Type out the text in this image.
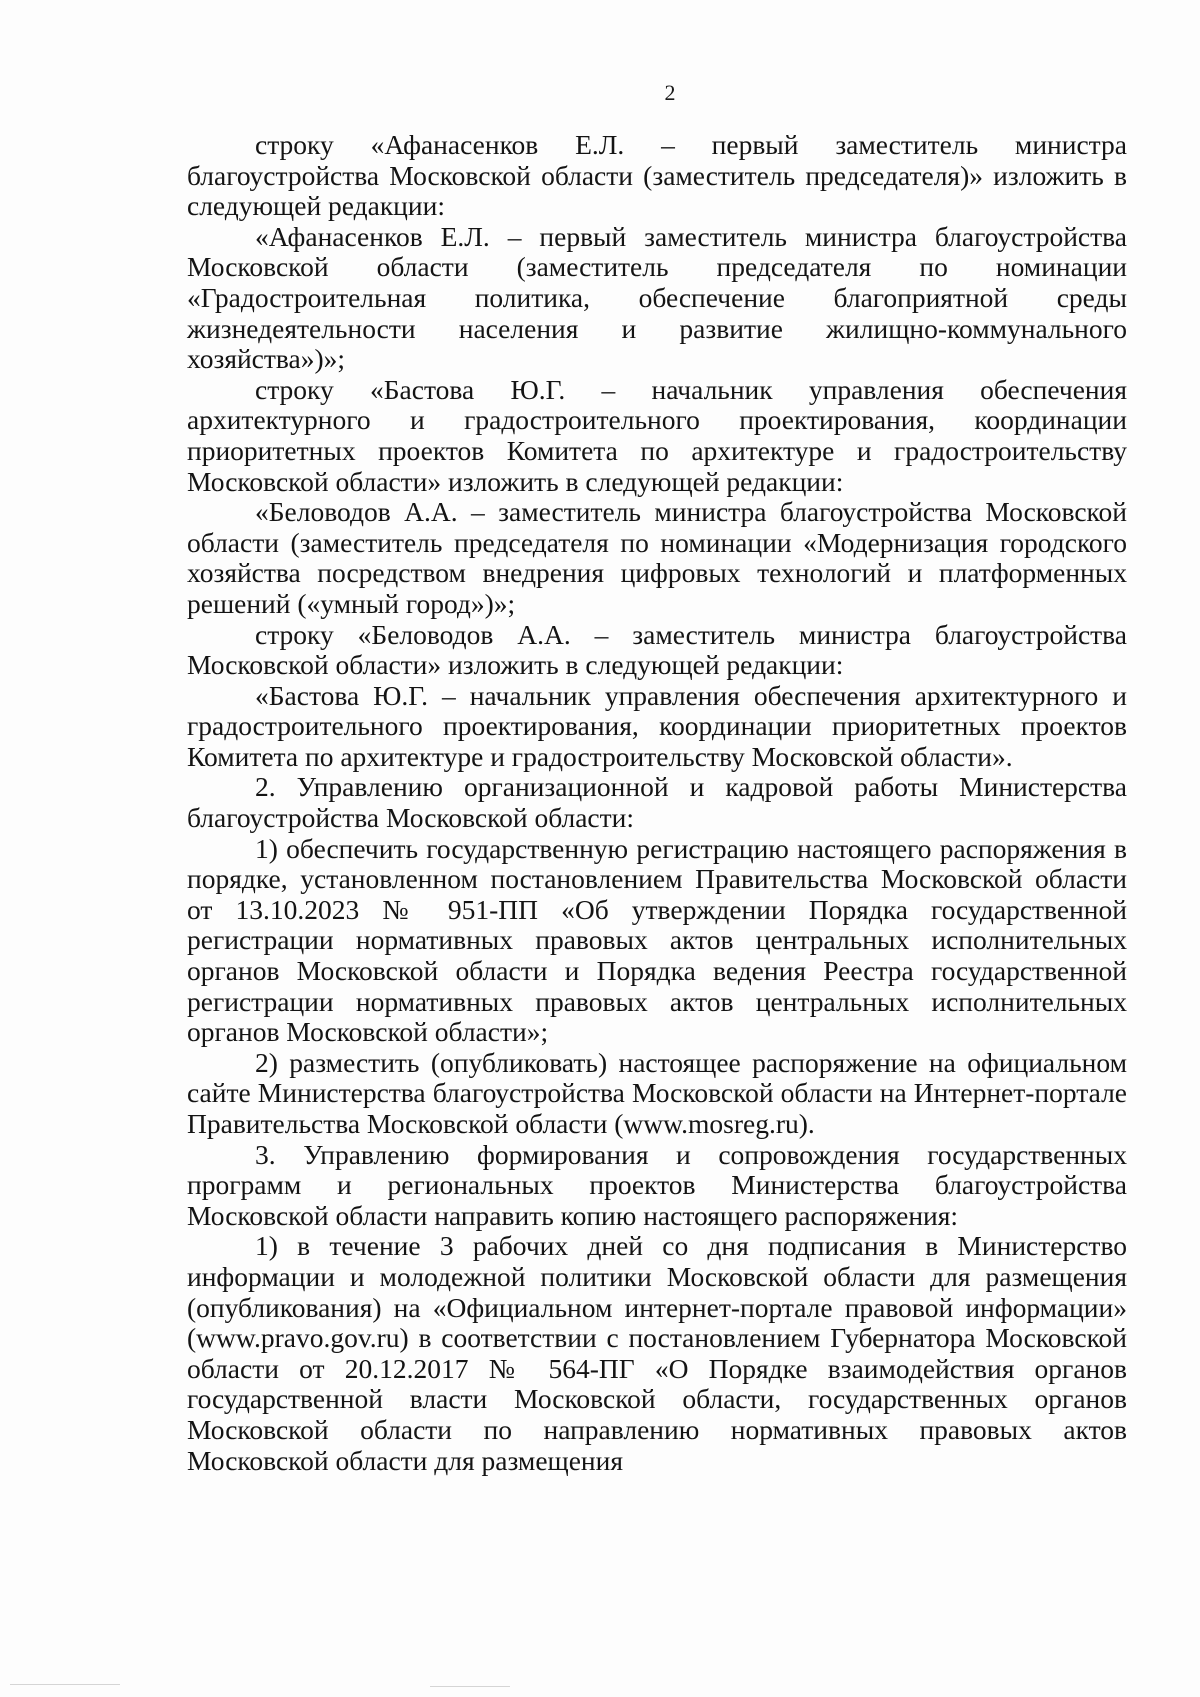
2

строку «Афанасенков Е.Л. – первый заместитель министра благоустройства Московской области (заместитель председателя)» изложить в следующей редакции:

«Афанасенков Е.Л. – первый заместитель министра благоустройства Московской области (заместитель председателя по номинации «Градостроительная политика, обеспечение благоприятной среды жизнедеятельности населения и развитие жилищно-коммунального хозяйства»)»;

строку «Бастова Ю.Г. – начальник управления обеспечения архитектурного и градостроительного проектирования, координации приоритетных проектов Комитета по архитектуре и градостроительству Московской области» изложить в следующей редакции:

«Беловодов А.А. – заместитель министра благоустройства Московской области (заместитель председателя по номинации «Модернизация городского хозяйства посредством внедрения цифровых технологий и платформенных решений («умный город»)»;

строку «Беловодов А.А. – заместитель министра благоустройства Московской области» изложить в следующей редакции:

«Бастова Ю.Г. – начальник управления обеспечения архитектурного и градостроительного проектирования, координации приоритетных проектов Комитета по архитектуре и градостроительству Московской области».

2. Управлению организационной и кадровой работы Министерства благоустройства Московской области:

1) обеспечить государственную регистрацию настоящего распоряжения в порядке, установленном постановлением Правительства Московской области от 13.10.2023 № 951-ПП «Об утверждении Порядка государственной регистрации нормативных правовых актов центральных исполнительных органов Московской области и Порядка ведения Реестра государственной регистрации нормативных правовых актов центральных исполнительных органов Московской области»;

2) разместить (опубликовать) настоящее распоряжение на официальном сайте Министерства благоустройства Московской области на Интернет-портале Правительства Московской области (www.mosreg.ru).

3. Управлению формирования и сопровождения государственных программ и региональных проектов Министерства благоустройства Московской области направить копию настоящего распоряжения:

1) в течение 3 рабочих дней со дня подписания в Министерство информации и молодежной политики Московской области для размещения (опубликования) на «Официальном интернет-портале правовой информации» (www.pravo.gov.ru) в соответствии с постановлением Губернатора Московской области от 20.12.2017 № 564-ПГ «О Порядке взаимодействия органов государственной власти Московской области, государственных органов Московской области по направлению нормативных правовых актов Московской области для размещения
